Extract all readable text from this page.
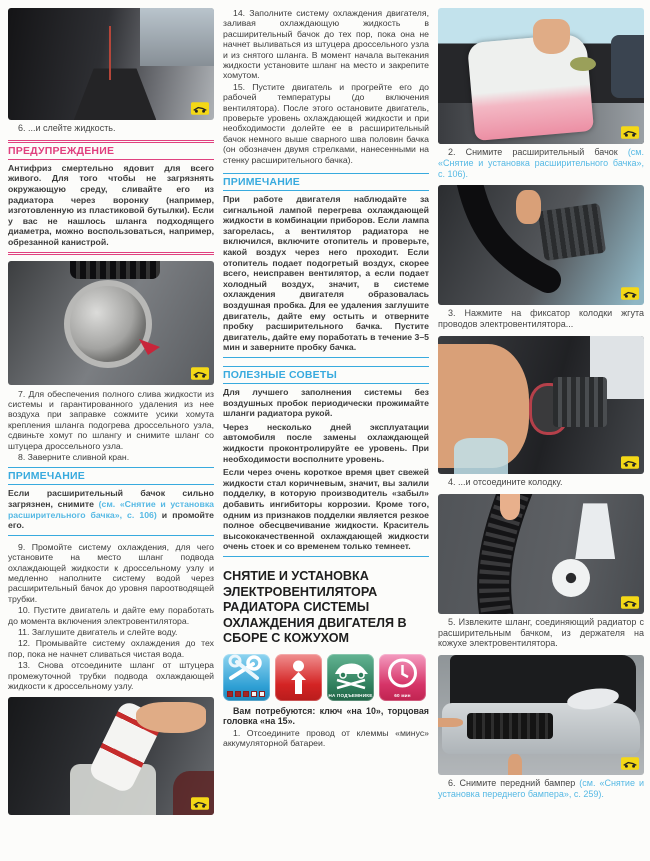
6. ...и слейте жидкость.

ПРЕДУПРЕЖДЕНИЕ

Антифриз смертельно ядовит для всего живого. Для того чтобы не загрязнять окружающую среду, сливайте его из радиатора через воронку (например, изготовленную из пластиковой бутылки). Если у вас не нашлось шланга подходящего диаметра, можно воспользоваться, например, обрезанной канистрой.

7. Для обеспечения полного слива жидкости из системы и гарантированного удаления из нее воздуха при заправке сожмите усики хомута крепления шланга подогрева дроссельного узла, сдвиньте хомут по шлангу и снимите шланг со штуцера дроссельного узла.

8. Заверните сливной кран.

ПРИМЕЧАНИЕ

Если расширительный бачок сильно загрязнен, снимите (см. «Снятие и установка расширительного бачка», с. 106) и промойте его.

9. Промойте систему охлаждения, для чего установите на место шланг подвода охлаждающей жидкости к дроссельному узлу и медленно наполните систему водой через расширительный бачок до уровня пароотводящей трубки.

10. Пустите двигатель и дайте ему поработать до момента включения электровентилятора.

11. Заглушите двигатель и слейте воду.

12. Промывайте систему охлаждения до тех пор, пока не начнет сливаться чистая вода.

13. Снова отсоедините шланг от штуцера промежуточной трубки подвода охлаждающей жидкости к дроссельному узлу.

14. Заполните систему охлаждения двигателя, заливая охлаждающую жидкость в расширительный бачок до тех пор, пока она не начнет выливаться из штуцера дроссельного узла и из снятого шланга. В момент начала вытекания жидкости установите шланг на место и закрепите хомутом.

15. Пустите двигатель и прогрейте его до рабочей температуры (до включения вентилятора). После этого остановите двигатель, проверьте уровень охлаждающей жидкости и при необходимости долейте ее в расширительный бачок немного выше сварного шва половин бачка (он обозначен двумя стрелками, нанесенными на стенку расширительного бачка).

ПРИМЕЧАНИЕ

При работе двигателя наблюдайте за сигнальной лампой перегрева охлаждающей жидкости в комбинации приборов. Если лампа загорелась, а вентилятор радиатора не включился, включите отопитель и проверьте, какой воздух через него проходит. Если отопитель подает подогретый воздух, скорее всего, неисправен вентилятор, а если подает холодный воздух, значит, в системе охлаждения двигателя образовалась воздушная пробка. Для ее удаления заглушите двигатель, дайте ему остыть и отверните пробку расширительного бачка. Пустите двигатель, дайте ему поработать в течение 3–5 мин и заверните пробку бачка.

ПОЛЕЗНЫЕ СОВЕТЫ

Для лучшего заполнения системы без воздушных пробок периодически прожимайте шланги радиатора рукой.

Через несколько дней эксплуатации автомобиля после замены охлаждающей жидкости проконтролируйте ее уровень. При необходимости восполните уровень.

Если через очень короткое время цвет свежей жидкости стал коричневым, значит, вы залили подделку, в которую производитель «забыл» добавить ингибиторы коррозии. Кроме того, одним из признаков подделки является резкое полное обесцвечивание жидкости. Краситель высококачественной охлаждающей жидкости очень стоек и со временем только темнеет.

СНЯТИЕ И УСТАНОВКА ЭЛЕКТРОВЕНТИЛЯТОРА РАДИАТОРА СИСТЕМЫ ОХЛАЖДЕНИЯ ДВИГАТЕЛЯ В СБОРЕ С КОЖУХОМ
НА ПОДЪЕМНИКЕ	60 мин

Вам потребуются: ключ «на 10», торцовая головка «на 15».

1. Отсоедините провод от клеммы «минус» аккумуляторной батареи.

2. Снимите расширительный бачок (см. «Снятие и установка расширительного бачка», с. 106).

3. Нажмите на фиксатор колодки жгута проводов электровентилятора...

4. ...и отсоедините колодку.

5. Извлеките шланг, соединяющий радиатор с расширительным бачком, из держателя на кожухе электровентилятора.

6. Снимите передний бампер (см. «Снятие и установка переднего бампера», с. 259).
